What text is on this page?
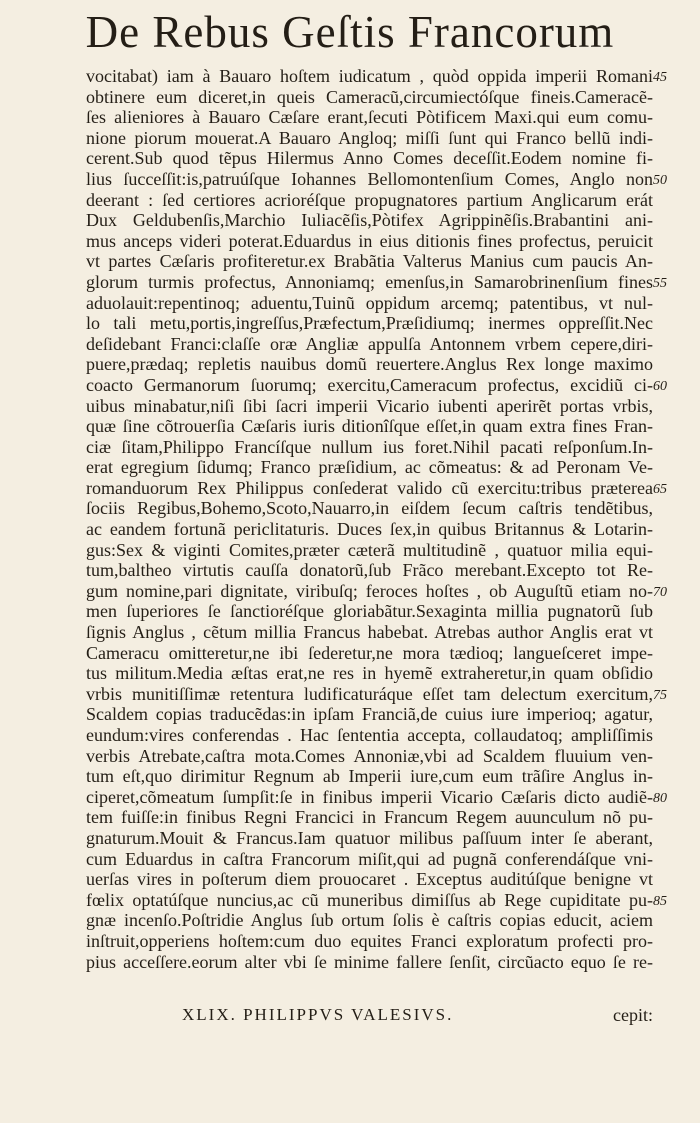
De Rebus Geſtis Francorum
vocitabat) iam à Bauaro hoſtem iudicatum , quòd oppida imperii Romani
obtinere eum diceret,in queis Cameracũ,circumiectóſque fineis.Cameracẽ-
ſes alieniores à Bauaro Cæſare erant,ſecuti Pòtificem Maxi.qui eum comu-
nione piorum mouerat.A Bauaro Angloq; miſſi ſunt qui Franco bellũ indi-
cerent.Sub quod tẽpus Hilermus Anno Comes deceſſit.Eodem nomine fi-
lius ſucceſſit:is,patruúſque Iohannes Bellomontenſium Comes, Anglo non
deerant : ſed certiores acrioréſque propugnatores partium Anglicarum erát
Dux Geldubenſis,Marchio Iuliacẽſis,Pòtifex Agrippinẽſis.Brabantini ani-
mus anceps videri poterat.Eduardus in eius ditionis fines profectus, peruicit
vt partes Cæſaris profiteretur.ex Brabãtia Valterus Manius cum paucis An-
glorum turmis profectus, Annoniamq; emenſus,in Samarobrinenſium fines
aduolauit:repentinoq; aduentu,Tuinũ oppidum arcemq; patentibus, vt nul-
lo tali metu,portis,ingreſſus,Præfectum,Præſidiumq; inermes oppreſſit.Nec
deſidebant Franci:claſſe oræ Angliæ appulſa Antonnem vrbem cepere,diri-
puere,prædaq; repletis nauibus domũ reuertere.Anglus Rex longe maximo
coacto Germanorum ſuorumq; exercitu,Cameracum profectus, excidiũ ci-
uibus minabatur,niſi ſibi ſacri imperii Vicario iubenti aperirẽt portas vrbis,
quæ ſine cõtrouerſia Cæſaris iuris ditionîſque eſſet,in quam extra fines Fran-
ciæ ſitam,Philippo Francíſque nullum ius foret.Nihil pacati reſponſum.In-
erat egregium ſidumq; Franco præſidium, ac cõmeatus: & ad Peronam Ve-
romanduorum Rex Philippus conſederat valido cũ exercitu:tribus præterea
ſociis Regibus,Bohemo,Scoto,Nauarro,in eiſdem ſecum caſtris tendẽtibus,
ac eandem fortunã periclitaturis. Duces ſex,in quibus Britannus & Lotarin-
gus:Sex & viginti Comites,præter cæterã multitudinẽ , quatuor milia equi-
tum,baltheo virtutis cauſſa donatorũ,ſub Frãco merebant.Excepto tot Re-
gum nomine,pari dignitate, viribuſq; feroces hoſtes , ob Auguſtũ etiam no-
men ſuperiores ſe ſanctioréſque gloriabãtur.Sexaginta millia pugnatorũ ſub
ſignis Anglus , cẽtum millia Francus habebat. Atrebas author Anglis erat vt
Cameracu omitteretur,ne ibi ſederetur,ne mora tædioq; langueſceret impe-
tus militum.Media æſtas erat,ne res in hyemẽ extraheretur,in quam obſidio
vrbis munitiſſimæ retentura ludificaturáque eſſet tam delectum exercitum,
Scaldem copias traducẽdas:in ipſam Franciã,de cuius iure imperioq; agatur,
eundum:vires conferendas . Hac ſententia accepta, collaudatoq; ampliſſimis
verbis Atrebate,caſtra mota.Comes Annoniæ,vbi ad Scaldem fluuium ven-
tum eſt,quo dirimitur Regnum ab Imperii iure,cum eum trãſire Anglus in-
ciperet,cõmeatum ſumpſit:ſe in finibus imperii Vicario Cæſaris dicto audiẽ-
tem fuiſſe:in finibus Regni Francici in Francum Regem auunculum nõ pu-
gnaturum.Mouit & Francus.Iam quatuor milibus paſſuum inter ſe aberant,
cum Eduardus in caſtra Francorum miſit,qui ad pugnã conferendáſque vni-
uerſas vires in poſterum diem prouocaret . Exceptus auditúſque benigne vt
fœlix optatúſque nuncius,ac cũ muneribus dimiſſus ab Rege cupiditate pu-
gnæ incenſo.Poſtridie Anglus ſub ortum ſolis è caſtris copias educit, aciem
inſtruit,opperiens hoſtem:cum duo equites Franci exploratum profecti pro-
pius acceſſere.eorum alter vbi ſe minime fallere ſenſit, circũacto equo ſe re-
45
50
55
60
65
70
75
80
85
XLIX. PHILIPPVS VALESIVS.	cepit:
